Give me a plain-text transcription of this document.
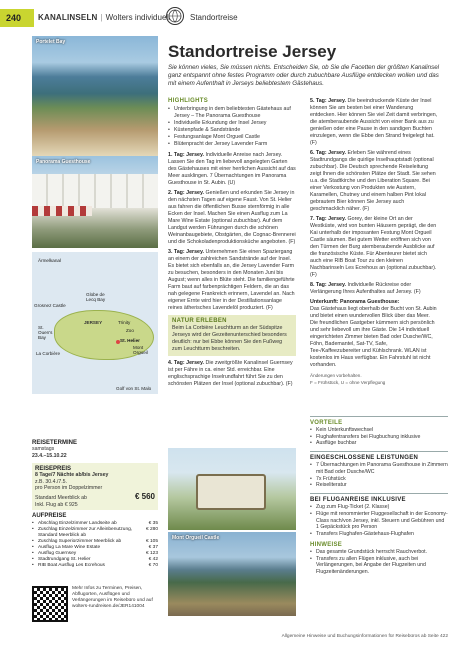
240	KANALINSELN | Wolters individuell	Standortreise
Portelet Bay
Panorama Guesthouse
Ärmelkanal
Grosnez Castle
Globe de Lecq Bay
St. Ouen's Bay
JERSEY	Trinity
St. Helier
Mont Orgueil
La Corbière
Golf von St. Malo
Zoo
REISETERMINE
samstags
23.4.–15.10.22
REISEPREIS
8 Tage/7 Nächte ab/bis Jersey
z.B. 30.4./7.5.
pro Person im Doppelzimmer
Standard Meerblick ab	€ 560
Inkl. Flug ab € 925
AUFPREISE
• Abschlag Einzelzimmer Landseite ab	€ 35
• Zuschlag Einzelzimmer zur Alleinbenutzung, Standard Meerblick ab
€ 280
• Zuschlag Superiorzimmer Meerblick ab	€ 105
• Ausflug La Mare Wine Estate	€ 37
• Ausflug Guernsey	€ 123
• Stadtrundgang St. Helier	€ 42
• RIB Boat Ausflug Les Ecrehous	€ 70
Mehr Infos zu Terminen, Preisen, Abflugorten, Ausflügen und Verlängerungen im Reisebüro und auf wolters-rundreisen.de/JER141004
Standortreise Jersey
Sie können vieles, Sie müssen nichts. Entscheiden Sie, ob Sie die Facetten der größten Kanalinsel ganz entspannt ohne festes Programm oder durch zubuchbare Ausflüge entdecken wollen und das mit einem Aufenthalt in Jerseys beliebtestem Gästehaus.
HIGHLIGHTS
• Unterbringung in dem beliebtesten Gästehaus auf Jersey – The Panorama Guesthouse
• Individuelle Erkundung der Insel Jersey
• Küstenpfade & Sandstrände
• Festungsanlage Mont Orgueil Castle
• Blütenpracht der Jersey Lavender Farm

1. Tag: Jersey. Individuelle Anreise nach Jersey. Lassen Sie den Tag im liebevoll angelegten Garten des Gästehauses mit einer herrlichen Aussicht auf das Meer ausklingen. 7 Übernachtungen im Panorama Guesthouse in St. Aubin. (U)

2. Tag: Jersey. Genießen und erkunden Sie Jersey in den nächsten Tagen auf eigene Faust. Von St. Helier aus fahren die öffentlichen Busse sternförmig in alle Ecken der Insel. Machen Sie einen Ausflug zum La Mare Wine Estate (optional zubuchbar). Auf dem Landgut werden Führungen durch die schönen Weinanbaugebiete, Obstgärten, die Cognac-Brennerei und die Schokoladenproduktionsküche angeboten. (F)

3. Tag: Jersey. Unternehmen Sie einen Spaziergang an einem der zahlreichen Sandstrände auf der Insel. Es bietet sich ebenfalls an, die Jersey Lavender Farm zu besuchen, besonders in den Monaten Juni bis August; wenn alles in Blüte steht. Die familiengeführte Farm baut auf farbenprächtigen Feldern, die an das nah gelegene Frankreich erinnern, Lavendel an. Nach eigener Ernte wird hier in der Destillationsanlage reines ätherisches Lavendelöl produziert. (F)

NATUR ERLEBEN
Beim La Corbière Leuchtturm an der Südspitze Jerseys wird der Gezeitenunterschied besonders deutlich: nur bei Ebbe können Sie den Fußweg zum Leuchtturm beschreiten.

4. Tag: Jersey. Die zweitgrößte Kanalinsel Guernsey ist per Fähre in ca. einer Std. erreichbar. Eine englischsprachige Inselrundfahrt führt Sie zu den schönsten Plätzen der Insel (optional zubuchbar). (F)

5. Tag: Jersey. Die beeindruckende Küste der Insel können Sie am besten bei einer Wanderung entdecken. Hier können Sie viel Zeit damit verbringen, die atemberaubende Aussicht von einer Bank aus zu genießen oder eine Pause in den sandigen Buchten einzulegen, wenn die Ebbe den Strand freigelegt hat. (F)

6. Tag: Jersey. Erleben Sie während eines Stadtrundgangs die quirlige Inselhauptstadt (optional zubuchbar). Die Deutsch sprechende Reiseleitung zeigt Ihnen die schönsten Plätze der Stadt. Sie sehen u.a. die Stadtkirche und den Liberation Square. Bei einer Verkostung von Produkten wie Austern, Karamellen, Chutney und einem halben Pint lokal gebrautem Bier können Sie Jersey auch geschmacklich näher. (F)

7. Tag: Jersey. Gorey, der kleine Ort an der Westküste, wird von bunten Häusern geprägt, die den Kai unterhalb der imposanten Festung Mont Orgueil Castle säumen. Bei gutem Wetter eröffnen sich von den Türmen der Burg atemberaubende Ausblicke auf die französische Küste. Für Abenteurer bietet sich auch eine RIB Boat Tour zu den kleinen Nachbarinseln Les Ecrehous an (optional zubuchbar). (F)

8. Tag: Jersey. Individuelle Rückreise oder Verlängerung Ihres Aufenthaltes auf Jersey. (F)

Unterkunft: Panorama Guesthouse:
Das Gästehaus liegt oberhalb der Bucht von St. Aubin und bietet einen wundervollen Blick über das Meer. Die freundlichen Gastgeber kümmern sich persönlich und sehr liebevoll um ihre Gäste. Die 14 individuell eingerichteten Zimmer bieten Bad oder Dusche/WC, Föhn, Bademantel, Sat-TV, Safe, Tee-/Kaffeezubereiter und Kühlschrank. WLAN ist kostenlos im Haus verfügbar. Ein Fahrstuhl ist nicht vorhanden.

Änderungen vorbehalten.
F = Frühstück, U = ohne Verpflegung
Mont Orgueil Castle
VORTEILE
• Kein Unterkunftswechsel
• Flughafentransfers bei Flugbuchung inklusive
• Ausflüge buchbar
EINGESCHLOSSENE LEISTUNGEN
• 7 Übernachtungen im Panorama Guesthouse in Zimmern mit Bad oder Dusche/WC
• 7x Frühstück
• Reiseliteratur
BEI FLUGANREISE INKLUSIVE
• Zug zum Flug-Ticket (2. Klasse)
• Flüge mit renommierter Fluggesellschaft in der Economy-Class nach/von Jersey, inkl. Steuern und Gebühren und 1 Gepäckstück pro Person
• Transfers Flughafen-Gästehaus-Flughafen
HINWEISE
• Das gesamte Grundstück herrscht Rauchverbot.
• Transfers zu allen Flügen inklusive, auch bei Verlängerungen, bei Angabe der Flugzeiten und Flugzeitenänderungen.
Allgemeine Hinweise und Buchungsinformationen für Reisebüros ab Seite 422
